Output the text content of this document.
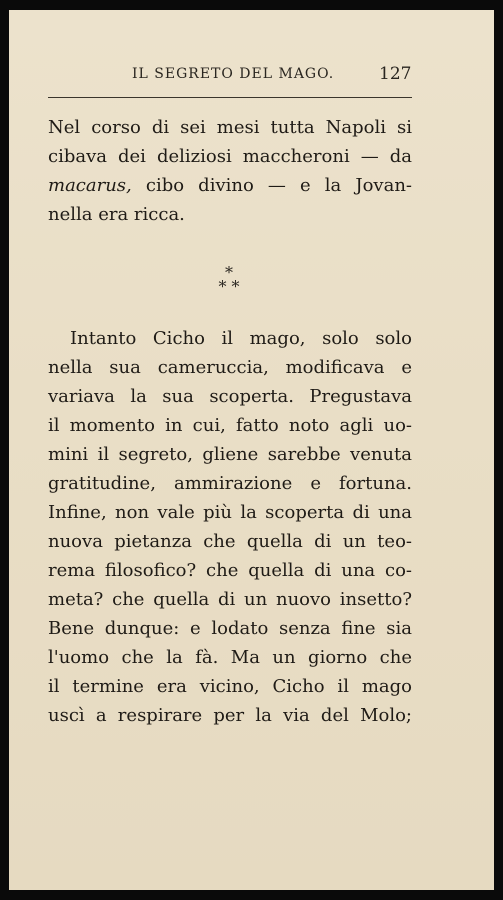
IL SEGRETO DEL MAGO.	127
Nel corso di sei mesi tutta Napoli si
cibava dei deliziosi maccheroni — da
macarus, cibo divino — e la Jovan-
nella era ricca.
*
* *
Intanto Cicho il mago, solo solo
nella sua cameruccia, modificava e
variava la sua scoperta. Pregustava
il momento in cui, fatto noto agli uo-
mini il segreto, gliene sarebbe venuta
gratitudine, ammirazione e fortuna.
Infine, non vale più la scoperta di una
nuova pietanza che quella di un teo-
rema filosofico? che quella di una co-
meta? che quella di un nuovo insetto?
Bene dunque: e lodato senza fine sia
l'uomo che la fà. Ma un giorno che
il termine era vicino, Cicho il mago
uscì a respirare per la via del Molo;
